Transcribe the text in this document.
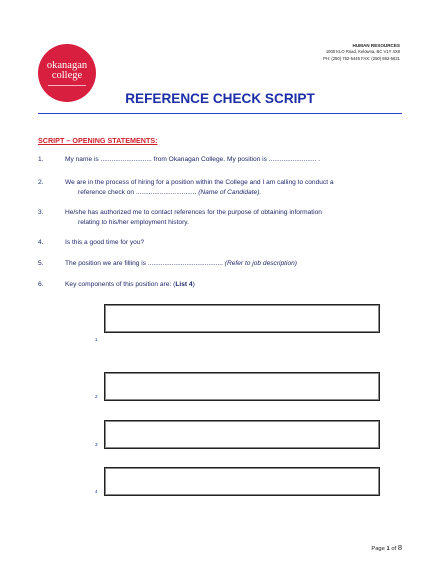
okanagan
college
HUMAN RESOURCES
1000 KLO Road, Kelowna, BC V1Y 4X8
PH: (250) 762-5445 FAX: (250) 862-5621
REFERENCE CHECK SCRIPT
SCRIPT – OPENING STATEMENTS:
1.	My name is ............................ from Okanagan College. My position is .......................... .
2.	We are in the process of hiring for a position within the College and I am calling to conduct a
reference check on ................................. (Name of Candidate).
3.	He/she has authorized me to contact references for the purpose of obtaining information
relating to his/her employment history.
4.	Is this a good time for you?
5.	The position we are filling is ......................................... (Refer to job description)
6.	Key components of this position are: (List 4)
1
2
3
4
Page 1 of 8
